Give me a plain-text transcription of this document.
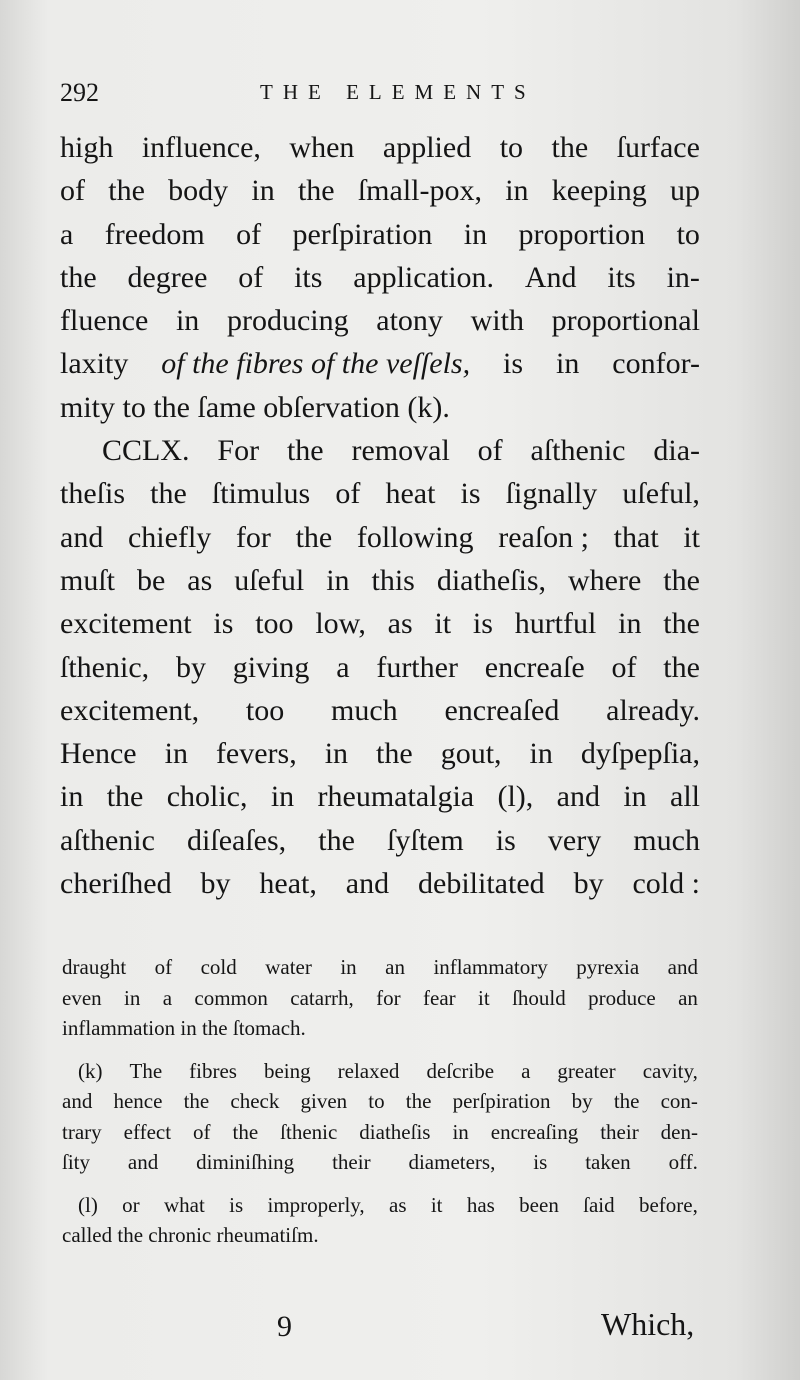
292	THE ELEMENTS
high influence, when applied to the ſurface
of the body in the ſmall-pox, in keeping up
a freedom of perſpiration in proportion to
the degree of its application. And its in-
fluence in producing atony with proportional
laxity of the fibres of the veſſels, is in confor-
mity to the ſame obſervation (k).
CCLX. For the removal of aſthenic dia-
theſis the ſtimulus of heat is ſignally uſeful,
and chiefly for the following reaſon ; that it
muſt be as uſeful in this diatheſis, where the
excitement is too low, as it is hurtful in the
ſthenic, by giving a further encreaſe of the
excitement, too much encreaſed already.
Hence in fevers, in the gout, in dyſpepſia,
in the cholic, in rheumatalgia (l), and in all
aſthenic diſeaſes, the ſyſtem is very much
cheriſhed by heat, and debilitated by cold :
draught of cold water in an inflammatory pyrexia and
even in a common catarrh, for fear it ſhould produce an
inflammation in the ſtomach.
(k) The fibres being relaxed deſcribe a greater cavity,
and hence the check given to the perſpiration by the con-
trary effect of the ſthenic diatheſis in encreaſing their den-
ſity and diminiſhing their diameters, is taken off.
(l) or what is improperly, as it has been ſaid before,
called the chronic rheumatiſm.
9	Which,
